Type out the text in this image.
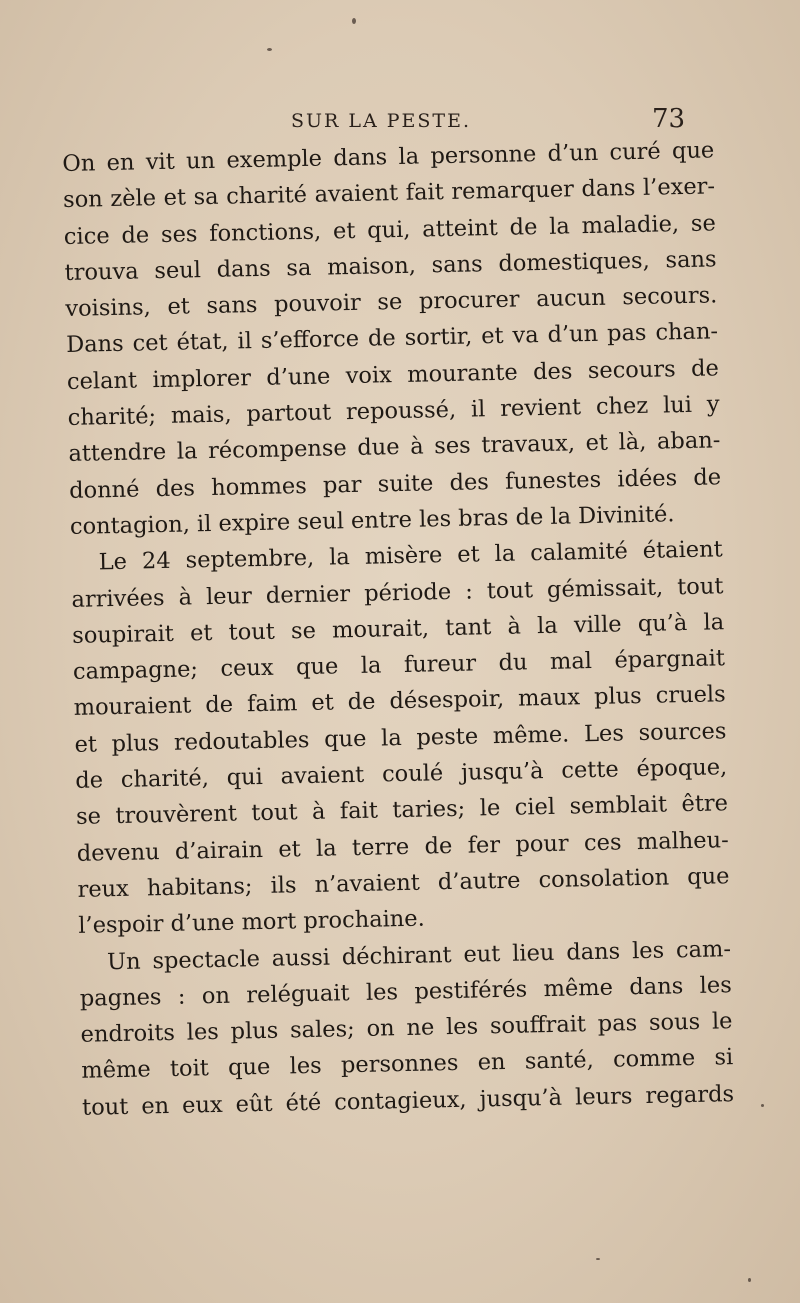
SUR LA PESTE.	73
On en vit un exemple dans la personne d’un curé que
son zèle et sa charité avaient fait remarquer dans l’exer-
cice de ses fonctions, et qui, atteint de la maladie, se
trouva seul dans sa maison, sans domestiques, sans
voisins, et sans pouvoir se procurer aucun secours.
Dans cet état, il s’efforce de sortir, et va d’un pas chan-
celant implorer d’une voix mourante des secours de
charité; mais, partout repoussé, il revient chez lui y
attendre la récompense due à ses travaux, et là, aban-
donné des hommes par suite des funestes idées de
contagion, il expire seul entre les bras de la Divinité.
Le 24 septembre, la misère et la calamité étaient
arrivées à leur dernier période : tout gémissait, tout
soupirait et tout se mourait, tant à la ville qu’à la
campagne; ceux que la fureur du mal épargnait
mouraient de faim et de désespoir, maux plus cruels
et plus redoutables que la peste même. Les sources
de charité, qui avaient coulé jusqu’à cette époque,
se trouvèrent tout à fait taries; le ciel semblait être
devenu d’airain et la terre de fer pour ces malheu-
reux habitans; ils n’avaient d’autre consolation que
l’espoir d’une mort prochaine.
Un spectacle aussi déchirant eut lieu dans les cam-
pagnes : on reléguait les pestiférés même dans les
endroits les plus sales; on ne les souffrait pas sous le
même toit que les personnes en santé, comme si
tout en eux eût été contagieux, jusqu’à leurs regards
